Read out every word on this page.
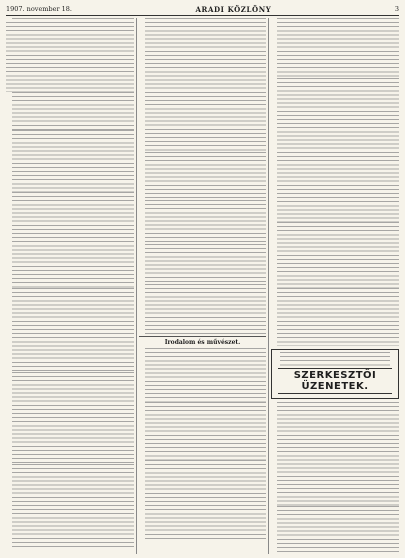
1907. november 18.	ARADI KÖZLÖNY	3
Irodalom és művészet.
SZERKESZTŐI ÜZENETEK.
